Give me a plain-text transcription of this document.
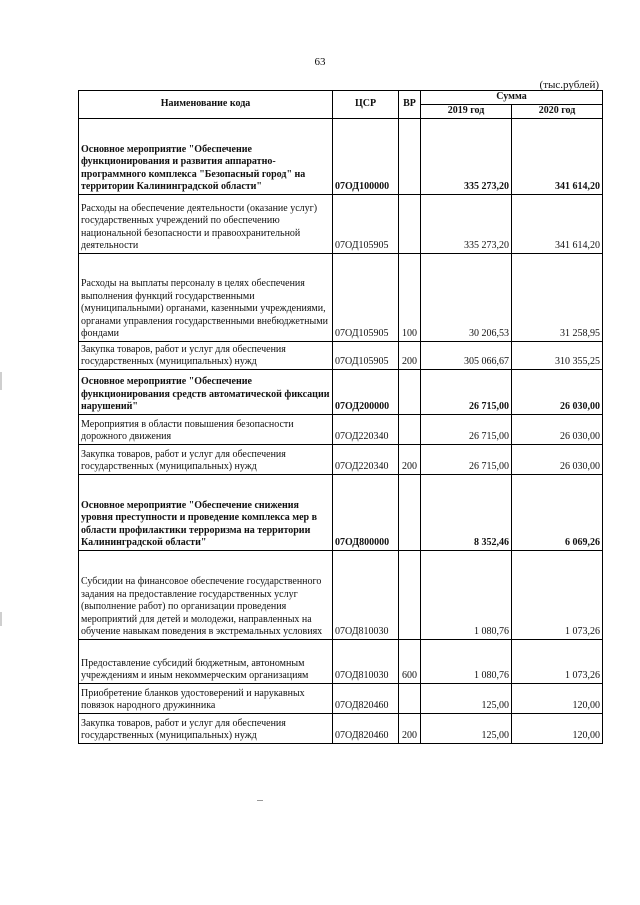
63
(тыс.рублей)
Наименование кода	ЦСР	ВР	Сумма	
			2019 год	2020 год
Основное мероприятие "Обеспечение функционирования и развития аппаратно-программного комплекса "Безопасный город" на территории Калининградской области"	07ОД100000		335 273,20	341 614,20
Расходы на обеспечение деятельности (оказание услуг) государственных учреждений по обеспечению национальной безопасности и правоохранительной деятельности	07ОД105905		335 273,20	341 614,20
Расходы на выплаты персоналу в целях обеспечения выполнения функций государственными (муниципальными) органами, казенными учреждениями, органами управления государственными внебюджетными фондами	07ОД105905	100	30 206,53	31 258,95
Закупка товаров, работ и услуг для обеспечения государственных (муниципальных) нужд	07ОД105905	200	305 066,67	310 355,25
Основное мероприятие "Обеспечение функционирования средств автоматической фиксации нарушений"	07ОД200000		26 715,00	26 030,00
Мероприятия в области повышения безопасности дорожного движения	07ОД220340		26 715,00	26 030,00
Закупка товаров, работ и услуг для обеспечения государственных (муниципальных) нужд	07ОД220340	200	26 715,00	26 030,00
Основное мероприятие "Обеспечение снижения уровня преступности и проведение комплекса мер в области профилактики терроризма на территории Калининградской области"	07ОД800000		8 352,46	6 069,26
Субсидии на финансовое обеспечение государственного задания на предоставление государственных услуг (выполнение работ) по организации проведения мероприятий для детей и молодежи, направленных на обучение навыкам поведения в экстремальных условиях	07ОД810030		1 080,76	1 073,26
Предоставление субсидий бюджетным, автономным учреждениям и иным некоммерческим организациям	07ОД810030	600	1 080,76	1 073,26
Приобретение бланков удостоверений и нарукавных повязок народного дружинника	07ОД820460		125,00	120,00
Закупка товаров, работ и услуг для обеспечения государственных (муниципальных) нужд	07ОД820460	200	125,00	120,00
